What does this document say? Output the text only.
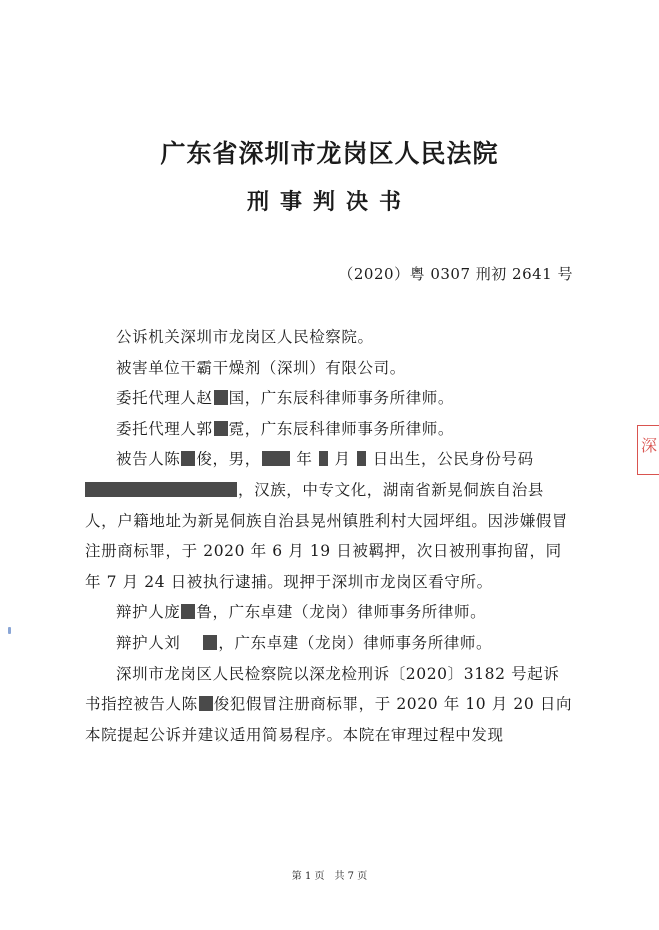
广东省深圳市龙岗区人民法院
刑事判决书
（2020）粤 0307 刑初 2641 号

公诉机关深圳市龙岗区人民检察院。

被害单位干霸干燥剂（深圳）有限公司。

委托代理人赵 国，广东辰科律师事务所律师。

委托代理人郭 霓，广东辰科律师事务所律师。

被告人陈 俊，男， 年 月 日出生，公民身份号码，汉族，中专文化，湖南省新晃侗族自治县人，户籍地址为新晃侗族自治县晃州镇胜利村大园坪组。因涉嫌假冒注册商标罪，于 2020 年 6 月 19 日被羁押，次日被刑事拘留，同年 7 月 24 日被执行逮捕。现押于深圳市龙岗区看守所。

辩护人庞 鲁，广东卓建（龙岗）律师事务所律师。

辩护人刘 ，广东卓建（龙岗）律师事务所律师。

深圳市龙岗区人民检察院以深龙检刑诉〔2020〕3182 号起诉书指控被告人陈 俊犯假冒注册商标罪，于 2020 年 10 月 20 日向本院提起公诉并建议适用简易程序。本院在审理过程中发现

第 1 页　共 7 页
深
